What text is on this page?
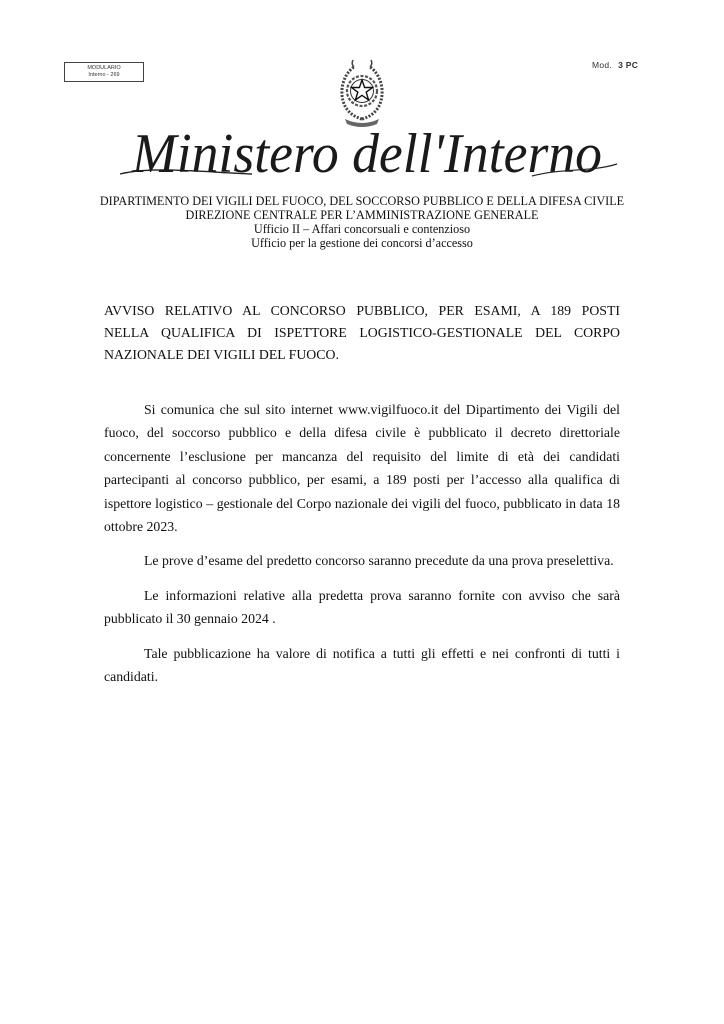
MODULARIO
Interno - 269
Mod. 3 PC
Ministero dell'Interno
DIPARTIMENTO DEI VIGILI DEL FUOCO, DEL SOCCORSO PUBBLICO E DELLA DIFESA CIVILE
DIREZIONE CENTRALE PER L’AMMINISTRAZIONE GENERALE
Ufficio II – Affari concorsuali e contenzioso
Ufficio per la gestione dei concorsi d’accesso
AVVISO RELATIVO AL CONCORSO PUBBLICO, PER ESAMI, A 189 POSTI
NELLA QUALIFICA DI ISPETTORE LOGISTICO-GESTIONALE DEL CORPO
NAZIONALE DEI VIGILI DEL FUOCO.

Si comunica che sul sito internet www.vigilfuoco.it del Dipartimento dei Vigili del fuoco, del soccorso pubblico e della difesa civile è pubblicato il decreto direttoriale concernente l’esclusione per mancanza del requisito del limite di età dei candidati partecipanti al concorso pubblico, per esami, a 189 posti per l’accesso alla qualifica di ispettore logistico – gestionale del Corpo nazionale dei vigili del fuoco, pubblicato in data 18 ottobre 2023.

Le prove d’esame del predetto concorso saranno precedute da una prova preselettiva.

Le informazioni relative alla predetta prova saranno fornite con avviso che sarà pubblicato il 30 gennaio 2024 .

Tale pubblicazione ha valore di notifica a tutti gli effetti e nei confronti di tutti i candidati.
